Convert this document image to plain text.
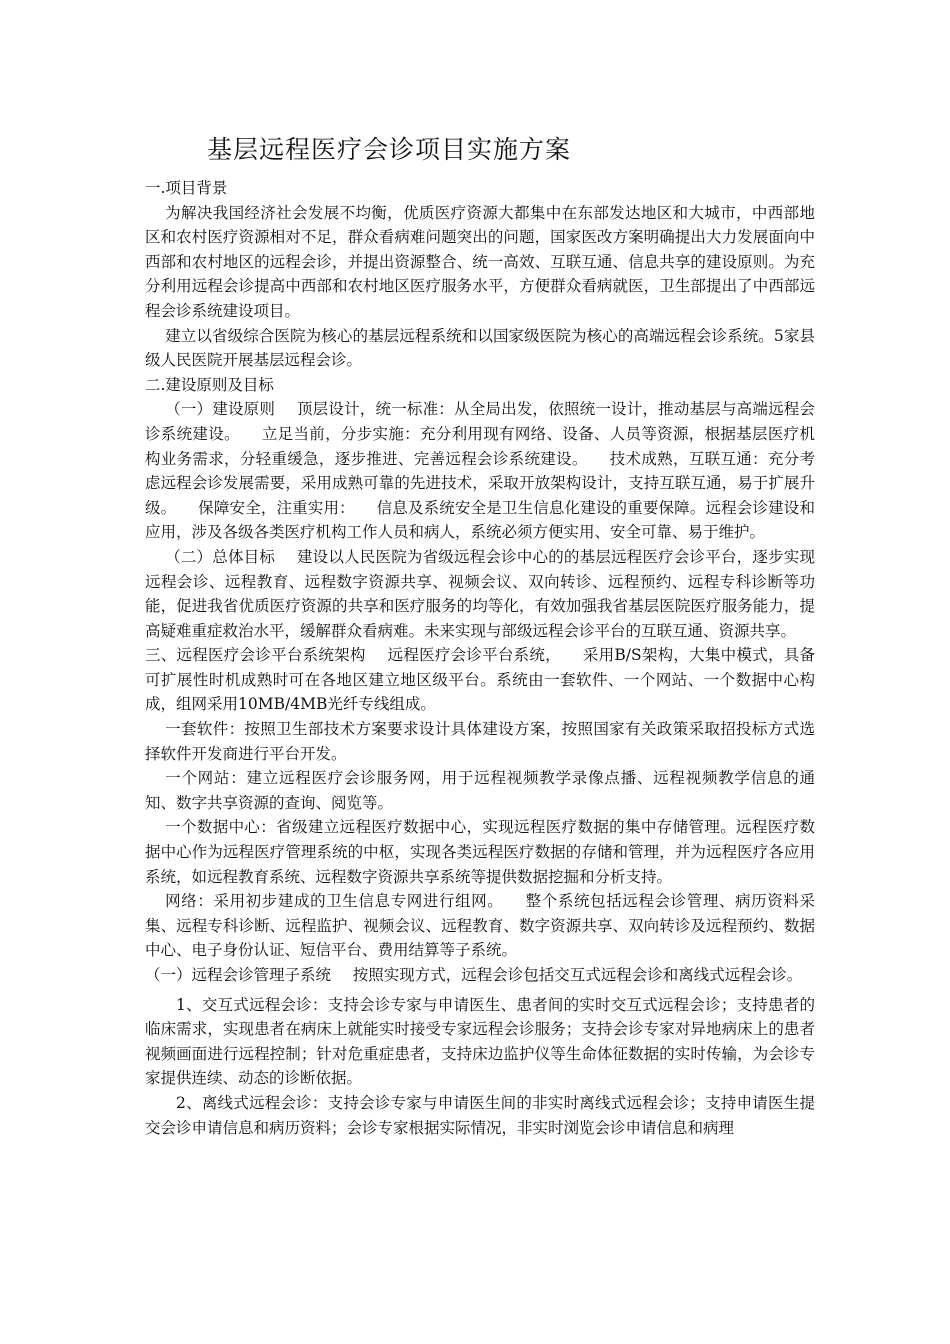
基层远程医疗会诊项目实施方案

一.项目背景

为解决我国经济社会发展不均衡，优质医疗资源大都集中在东部发达地区和大城市，中西部地区和农村医疗资源相对不足，群众看病难问题突出的问题，国家医改方案明确提出大力发展面向中西部和农村地区的远程会诊，并提出资源整合、统一高效、互联互通、信息共享的建设原则。为充分利用远程会诊提高中西部和农村地区医疗服务水平，方便群众看病就医，卫生部提出了中西部远程会诊系统建设项目。

建立以省级综合医院为核心的基层远程系统和以国家级医院为核心的高端远程会诊系统。5家县级人民医院开展基层远程会诊。

二.建设原则及目标

（一）建设原则 顶层设计，统一标准：从全局出发，依照统一设计，推动基层与高端远程会诊系统建设。 立足当前，分步实施：充分利用现有网络、设备、人员等资源，根据基层医疗机构业务需求，分轻重缓急，逐步推进、完善远程会诊系统建设。 技术成熟，互联互通：充分考虑远程会诊发展需要，采用成熟可靠的先进技术，采取开放架构设计，支持互联互通，易于扩展升级。 保障安全，注重实用： 信息及系统安全是卫生信息化建设的重要保障。远程会诊建设和应用，涉及各级各类医疗机构工作人员和病人，系统必须方便实用、安全可靠、易于维护。

（二）总体目标 建设以人民医院为省级远程会诊中心的的基层远程医疗会诊平台，逐步实现远程会诊、远程教育、远程数字资源共享、视频会议、双向转诊、远程预约、远程专科诊断等功能，促进我省优质医疗资源的共享和医疗服务的均等化，有效加强我省基层医院医疗服务能力，提高疑难重症救治水平，缓解群众看病难。未来实现与部级远程会诊平台的互联互通、资源共享。

三、远程医疗会诊平台系统架构 远程医疗会诊平台系统， 采用B/S架构，大集中模式，具备可扩展性时机成熟时可在各地区建立地区级平台。系统由一套软件、一个网站、一个数据中心构成，组网采用10MB/4MB光纤专线组成。

一套软件：按照卫生部技术方案要求设计具体建设方案，按照国家有关政策采取招投标方式选择软件开发商进行平台开发。

一个网站：建立远程医疗会诊服务网，用于远程视频教学录像点播、远程视频教学信息的通知、数字共享资源的查询、阅览等。

一个数据中心：省级建立远程医疗数据中心，实现远程医疗数据的集中存储管理。远程医疗数据中心作为远程医疗管理系统的中枢，实现各类远程医疗数据的存储和管理，并为远程医疗各应用系统，如远程教育系统、远程数字资源共享系统等提供数据挖掘和分析支持。

网络：采用初步建成的卫生信息专网进行组网。 整个系统包括远程会诊管理、病历资料采集、远程专科诊断、远程监护、视频会议、远程教育、数字资源共享、双向转诊及远程预约、数据中心、电子身份认证、短信平台、费用结算等子系统。

（一）远程会诊管理子系统 按照实现方式，远程会诊包括交互式远程会诊和离线式远程会诊。

1、交互式远程会诊：支持会诊专家与申请医生、患者间的实时交互式远程会诊；支持患者的临床需求，实现患者在病床上就能实时接受专家远程会诊服务；支持会诊专家对异地病床上的患者视频画面进行远程控制；针对危重症患者，支持床边监护仪等生命体征数据的实时传输，为会诊专家提供连续、动态的诊断依据。

2、离线式远程会诊：支持会诊专家与申请医生间的非实时离线式远程会诊；支持申请医生提交会诊申请信息和病历资料；会诊专家根据实际情况，非实时浏览会诊申请信息和病理
